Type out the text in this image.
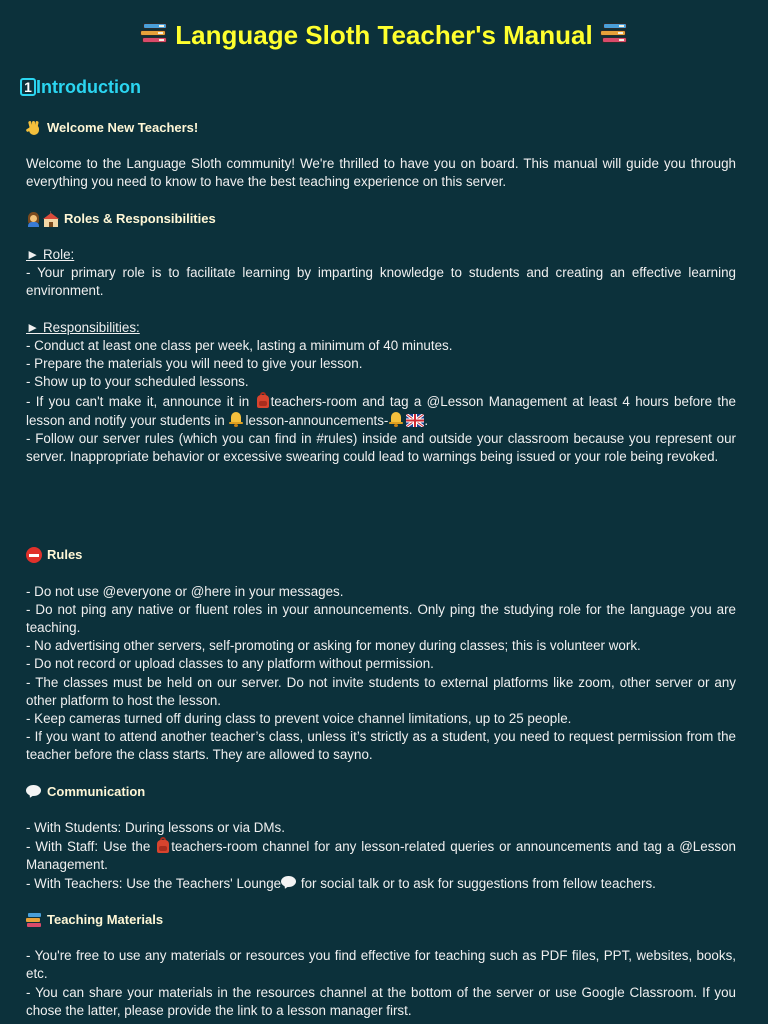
Language Sloth Teacher's Manual
1 Introduction
Welcome New Teachers!

Welcome to the Language Sloth community! We're thrilled to have you on board. This manual will guide you through everything you need to know to have the best teaching experience on this server.

Roles & Responsibilities

► Role:

- Your primary role is to facilitate learning by imparting knowledge to students and creating an effective learning environment.

► Responsibilities:

- Conduct at least one class per week, lasting a minimum of 40 minutes.

- Prepare the materials you will need to give your lesson.

- Show up to your scheduled lessons.

- If you can't make it, announce it in
teachers-room and tag a @Lesson Management at least 4 hours before the lesson and notify your students in
lesson-announcements-	.

- Follow our server rules (which you can find in #rules) inside and outside your classroom because you represent our server. Inappropriate behavior or excessive swearing could lead to warnings being issued or your role being revoked.

Rules

- Do not use @everyone or @here in your messages.

- Do not ping any native or fluent roles in your announcements. Only ping the studying role for the language you are teaching.

- No advertising other servers, self-promoting or asking for money during classes; this is volunteer work.

- Do not record or upload classes to any platform without permission.

- The classes must be held on our server. Do not invite students to external platforms like zoom, other server or any other platform to host the lesson.

- Keep cameras turned off during class to prevent voice channel limitations, up to 25 people.

- If you want to attend another teacher’s class, unless it’s strictly as a student, you need to request permission from the teacher before the class starts. They are allowed to sayno.

Communication

- With Students: During lessons or via DMs.

- With Staff: Use the
teachers-room channel for any lesson-related queries or announcements and tag a @Lesson Management.

- With Teachers: Use the Teachers' Lounge
for social talk or to ask for suggestions from fellow teachers.

Teaching Materials

- You're free to use any materials or resources you find effective for teaching such as PDF files, PPT, websites, books, etc.

- You can share your materials in the resources channel at the bottom of the server or use Google Classroom. If you chose the latter, please provide the link to a lesson manager first.
